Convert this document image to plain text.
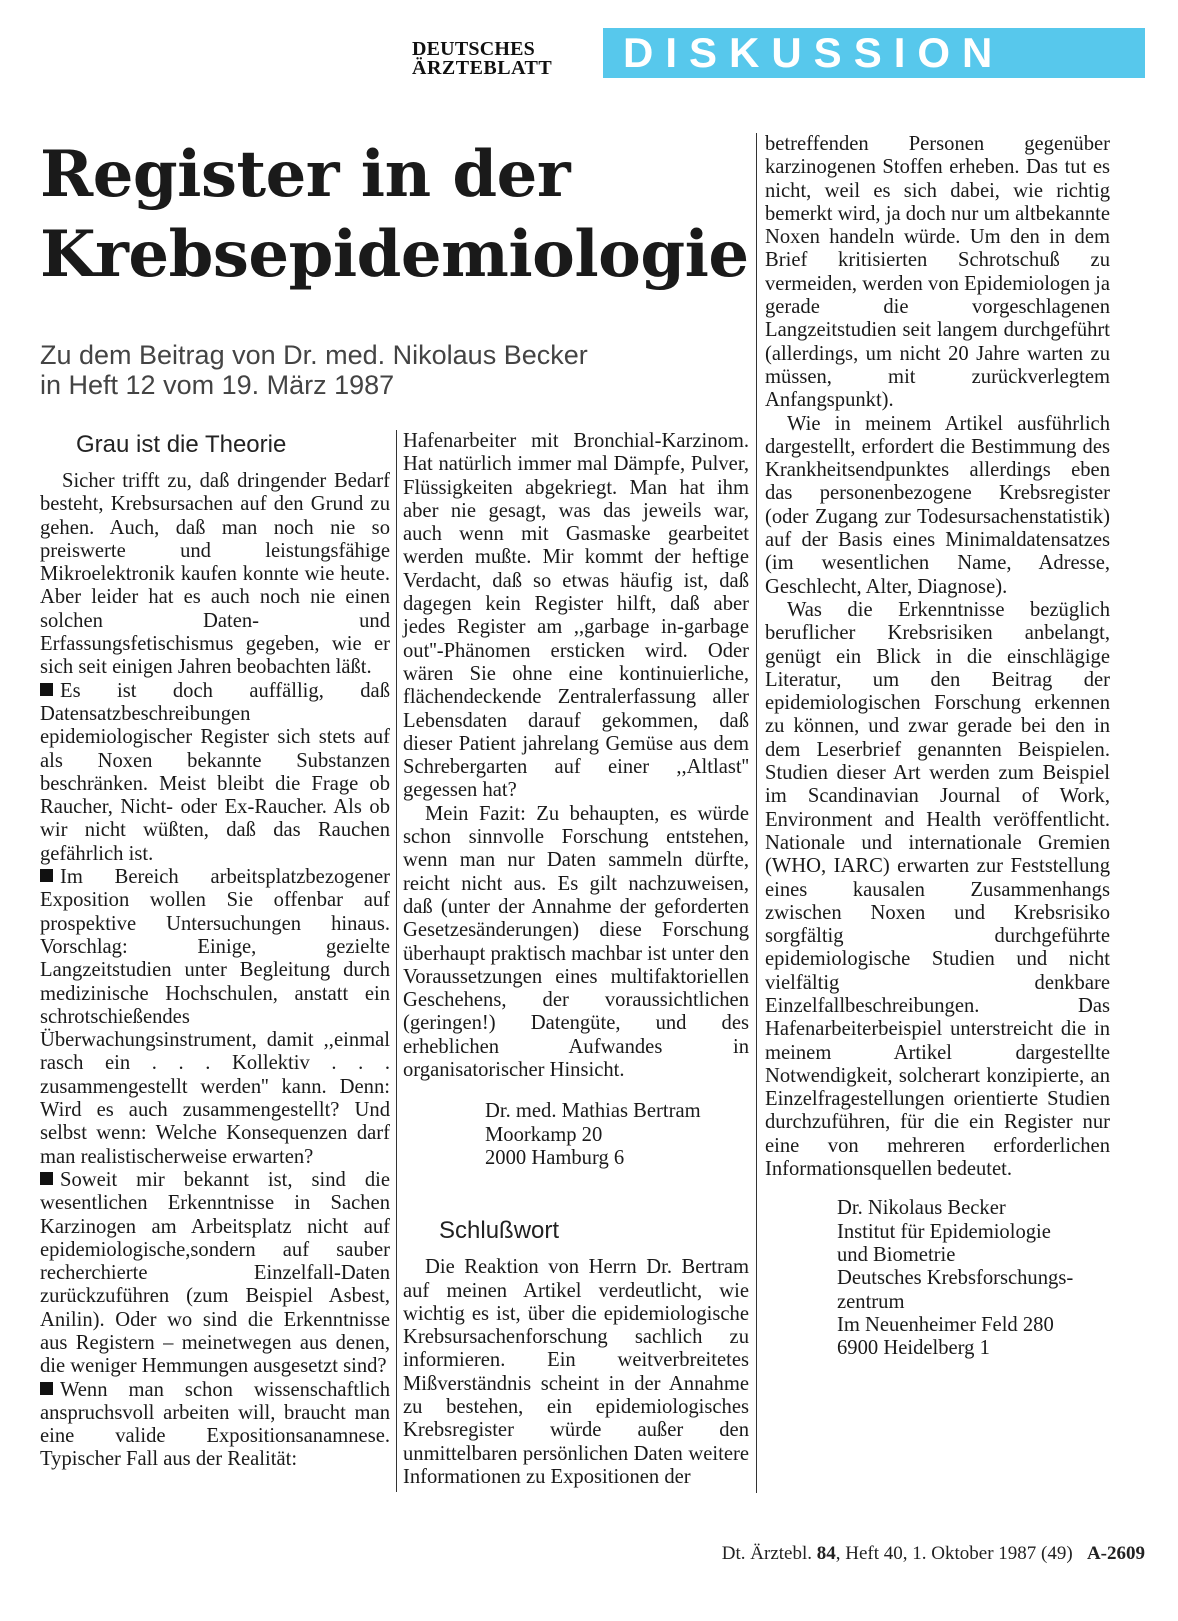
DEUTSCHES
ÄRZTEBLATT	DISKUSSION
Register in der
Krebsepidemiologie
Zu dem Beitrag von Dr. med. Nikolaus Becker
in Heft 12 vom 19. März 1987
Grau ist die Theorie

Sicher trifft zu, daß dringender Bedarf besteht, Krebsursachen auf den Grund zu gehen. Auch, daß man noch nie so preiswerte und leistungsfähige Mikroelektronik kaufen konnte wie heute. Aber leider hat es auch noch nie einen solchen Daten- und Erfassungsfetischismus gegeben, wie er sich seit einigen Jahren beobachten läßt.

Es ist doch auffällig, daß Datensatzbeschreibungen epidemiologischer Register sich stets auf als Noxen bekannte Substanzen beschränken. Meist bleibt die Frage ob Raucher, Nicht- oder Ex-Raucher. Als ob wir nicht wüßten, daß das Rauchen gefährlich ist.

Im Bereich arbeitsplatzbezogener Exposition wollen Sie offenbar auf prospektive Untersuchungen hinaus. Vorschlag: Einige, gezielte Langzeitstudien unter Begleitung durch medizinische Hochschulen, anstatt ein schrotschießendes Überwachungsinstrument, damit ,,einmal rasch ein . . . Kollektiv . . . zusammengestellt werden'' kann. Denn: Wird es auch zusammengestellt? Und selbst wenn: Welche Konsequenzen darf man realistischerweise erwarten?

Soweit mir bekannt ist, sind die wesentlichen Erkenntnisse in Sachen Karzinogen am Arbeitsplatz nicht auf epidemiologische,sondern auf sauber recherchierte Einzelfall-Daten zurückzuführen (zum Beispiel Asbest, Anilin). Oder wo sind die Erkenntnisse aus Registern – meinetwegen aus denen, die weniger Hemmungen ausgesetzt sind?

Wenn man schon wissenschaftlich anspruchsvoll arbeiten will, braucht man eine valide Expositionsanamnese. Typischer Fall aus der Realität:

Hafenarbeiter mit Bronchial-Karzinom. Hat natürlich immer mal Dämpfe, Pulver, Flüssigkeiten abgekriegt. Man hat ihm aber nie gesagt, was das jeweils war, auch wenn mit Gasmaske gearbeitet werden mußte. Mir kommt der heftige Verdacht, daß so etwas häufig ist, daß dagegen kein Register hilft, daß aber jedes Register am ,,garbage in-garbage out''-Phänomen ersticken wird. Oder wären Sie ohne eine kontinuierliche, flächendeckende Zentralerfassung aller Lebensdaten darauf gekommen, daß dieser Patient jahrelang Gemüse aus dem Schrebergarten auf einer ,,Altlast'' gegessen hat?

Mein Fazit: Zu behaupten, es würde schon sinnvolle Forschung entstehen, wenn man nur Daten sammeln dürfte, reicht nicht aus. Es gilt nachzuweisen, daß (unter der Annahme der geforderten Gesetzesänderungen) diese Forschung überhaupt praktisch machbar ist unter den Voraussetzungen eines multifaktoriellen Geschehens, der voraussichtlichen (geringen!) Datengüte, und des erheblichen Aufwandes in organisatorischer Hinsicht.

Dr. med. Mathias Bertram
Moorkamp 20
2000 Hamburg 6
Schlußwort

Die Reaktion von Herrn Dr. Bertram auf meinen Artikel verdeutlicht, wie wichtig es ist, über die epidemiologische Krebsursachenforschung sachlich zu informieren. Ein weitverbreitetes Mißverständnis scheint in der Annahme zu bestehen, ein epidemiologisches Krebsregister würde außer den unmittelbaren persönlichen Daten weitere Informationen zu Expositionen der

betreffenden Personen gegenüber karzinogenen Stoffen erheben. Das tut es nicht, weil es sich dabei, wie richtig bemerkt wird, ja doch nur um altbekannte Noxen handeln würde. Um den in dem Brief kritisierten Schrotschuß zu vermeiden, werden von Epidemiologen ja gerade die vorgeschlagenen Langzeitstudien seit langem durchgeführt (allerdings, um nicht 20 Jahre warten zu müssen, mit zurückverlegtem Anfangspunkt).

Wie in meinem Artikel ausführlich dargestellt, erfordert die Bestimmung des Krankheitsendpunktes allerdings eben das personenbezogene Krebsregister (oder Zugang zur Todesursachenstatistik) auf der Basis eines Minimaldatensatzes (im wesentlichen Name, Adresse, Geschlecht, Alter, Diagnose).

Was die Erkenntnisse bezüglich beruflicher Krebsrisiken anbelangt, genügt ein Blick in die einschlägige Literatur, um den Beitrag der epidemiologischen Forschung erkennen zu können, und zwar gerade bei den in dem Leserbrief genannten Beispielen. Studien dieser Art werden zum Beispiel im Scandinavian Journal of Work, Environment and Health veröffentlicht. Nationale und internationale Gremien (WHO, IARC) erwarten zur Feststellung eines kausalen Zusammenhangs zwischen Noxen und Krebsrisiko sorgfältig durchgeführte epidemiologische Studien und nicht vielfältig denkbare Einzelfallbeschreibungen. Das Hafenarbeiterbeispiel unterstreicht die in meinem Artikel dargestellte Notwendigkeit, solcherart konzipierte, an Einzelfragestellungen orientierte Studien durchzuführen, für die ein Register nur eine von mehreren erforderlichen Informationsquellen bedeutet.

Dr. Nikolaus Becker
Institut für Epidemiologie
und Biometrie
Deutsches Krebsforschungs-
zentrum
Im Neuenheimer Feld 280
6900 Heidelberg 1
Dt. Ärztebl. 84, Heft 40, 1. Oktober 1987 (49) A-2609
